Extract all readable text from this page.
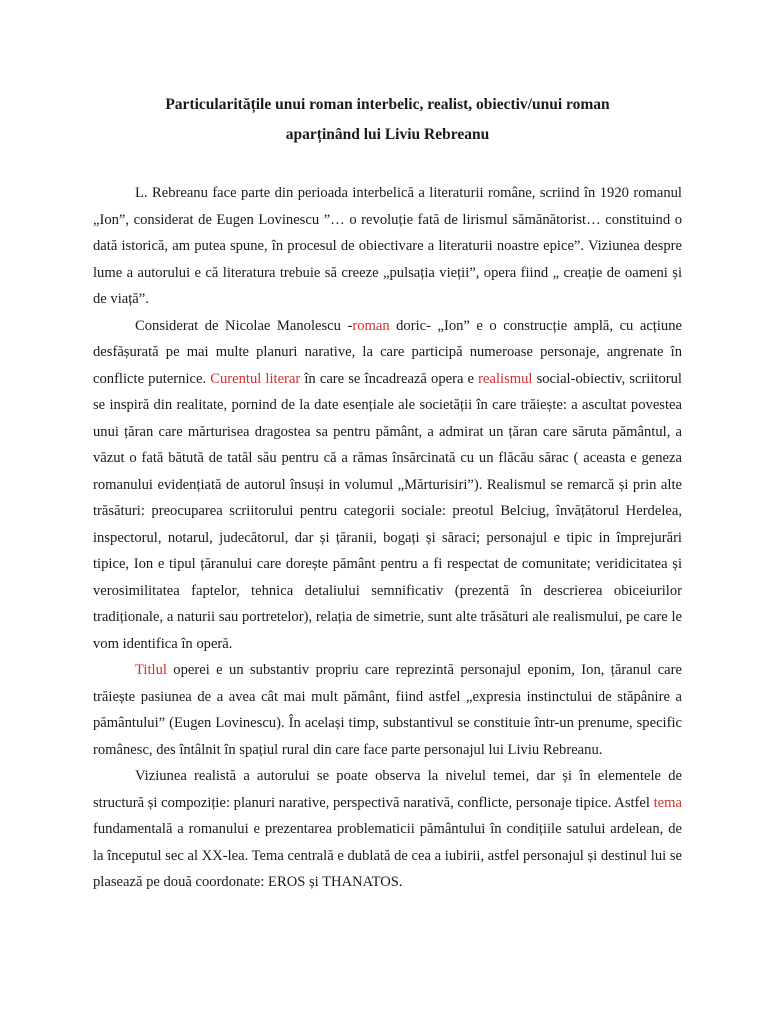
Particularitățile unui roman interbelic, realist, obiectiv/unui roman
aparținând lui Liviu Rebreanu

L. Rebreanu face parte din perioada interbelică a literaturii române, scriind în 1920 romanul „Ion”, considerat de Eugen Lovinescu ”… o revoluție fată de lirismul sămănătorist… constituind o dată istorică, am putea spune, în procesul de obiectivare a literaturii noastre epice”. Viziunea despre lume a autorului e că literatura trebuie să creeze „pulsația vieții”, opera fiind „ creație de oameni și de viață”.

Considerat de Nicolae Manolescu -roman doric- „Ion” e o construcție amplă, cu acțiune desfășurată pe mai multe planuri narative, la care participă numeroase personaje, angrenate în conflicte puternice. Curentul literar în care se încadrează opera e realismul social-obiectiv, scriitorul se inspiră din realitate, pornind de la date esențiale ale societății în care trăiește: a ascultat povestea unui țăran care mărturisea dragostea sa pentru pământ, a admirat un țăran care săruta pământul, a văzut o fată bătută de tatăl său pentru că a rămas însărcinată cu un flăcău sărac ( aceasta e geneza romanului evidențiată de autorul însuși in volumul „Mărturisiri”). Realismul se remarcă și prin alte trăsături: preocuparea scriitorului pentru categorii sociale: preotul Belciug, învățătorul Herdelea, inspectorul, notarul, judecătorul, dar și țăranii, bogați și săraci; personajul e tipic in împrejurări tipice, Ion e tipul țăranului care dorește pământ pentru a fi respectat de comunitate; veridicitatea și verosimilitatea faptelor, tehnica detaliului semnificativ (prezentă în descrierea obiceiurilor tradiționale, a naturii sau portretelor), relația de simetrie, sunt alte trăsături ale realismului, pe care le vom identifica în operă.

Titlul operei e un substantiv propriu care reprezintă personajul eponim, Ion, țăranul care trăiește pasiunea de a avea cât mai mult pământ, fiind astfel „expresia instinctului de stăpânire a pământului” (Eugen Lovinescu). În același timp, substantivul se constituie într-un prenume, specific românesc, des întâlnit în spațiul rural din care face parte personajul lui Liviu Rebreanu.

Viziunea realistă a autorului se poate observa la nivelul temei, dar și în elementele de structură și compoziție: planuri narative, perspectivă narativă, conflicte, personaje tipice. Astfel tema fundamentală a romanului e prezentarea problematicii pământului în condițiile satului ardelean, de la începutul sec al XX-lea. Tema centrală e dublată de cea a iubirii, astfel personajul și destinul lui se plasează pe două coordonate: EROS și THANATOS.
